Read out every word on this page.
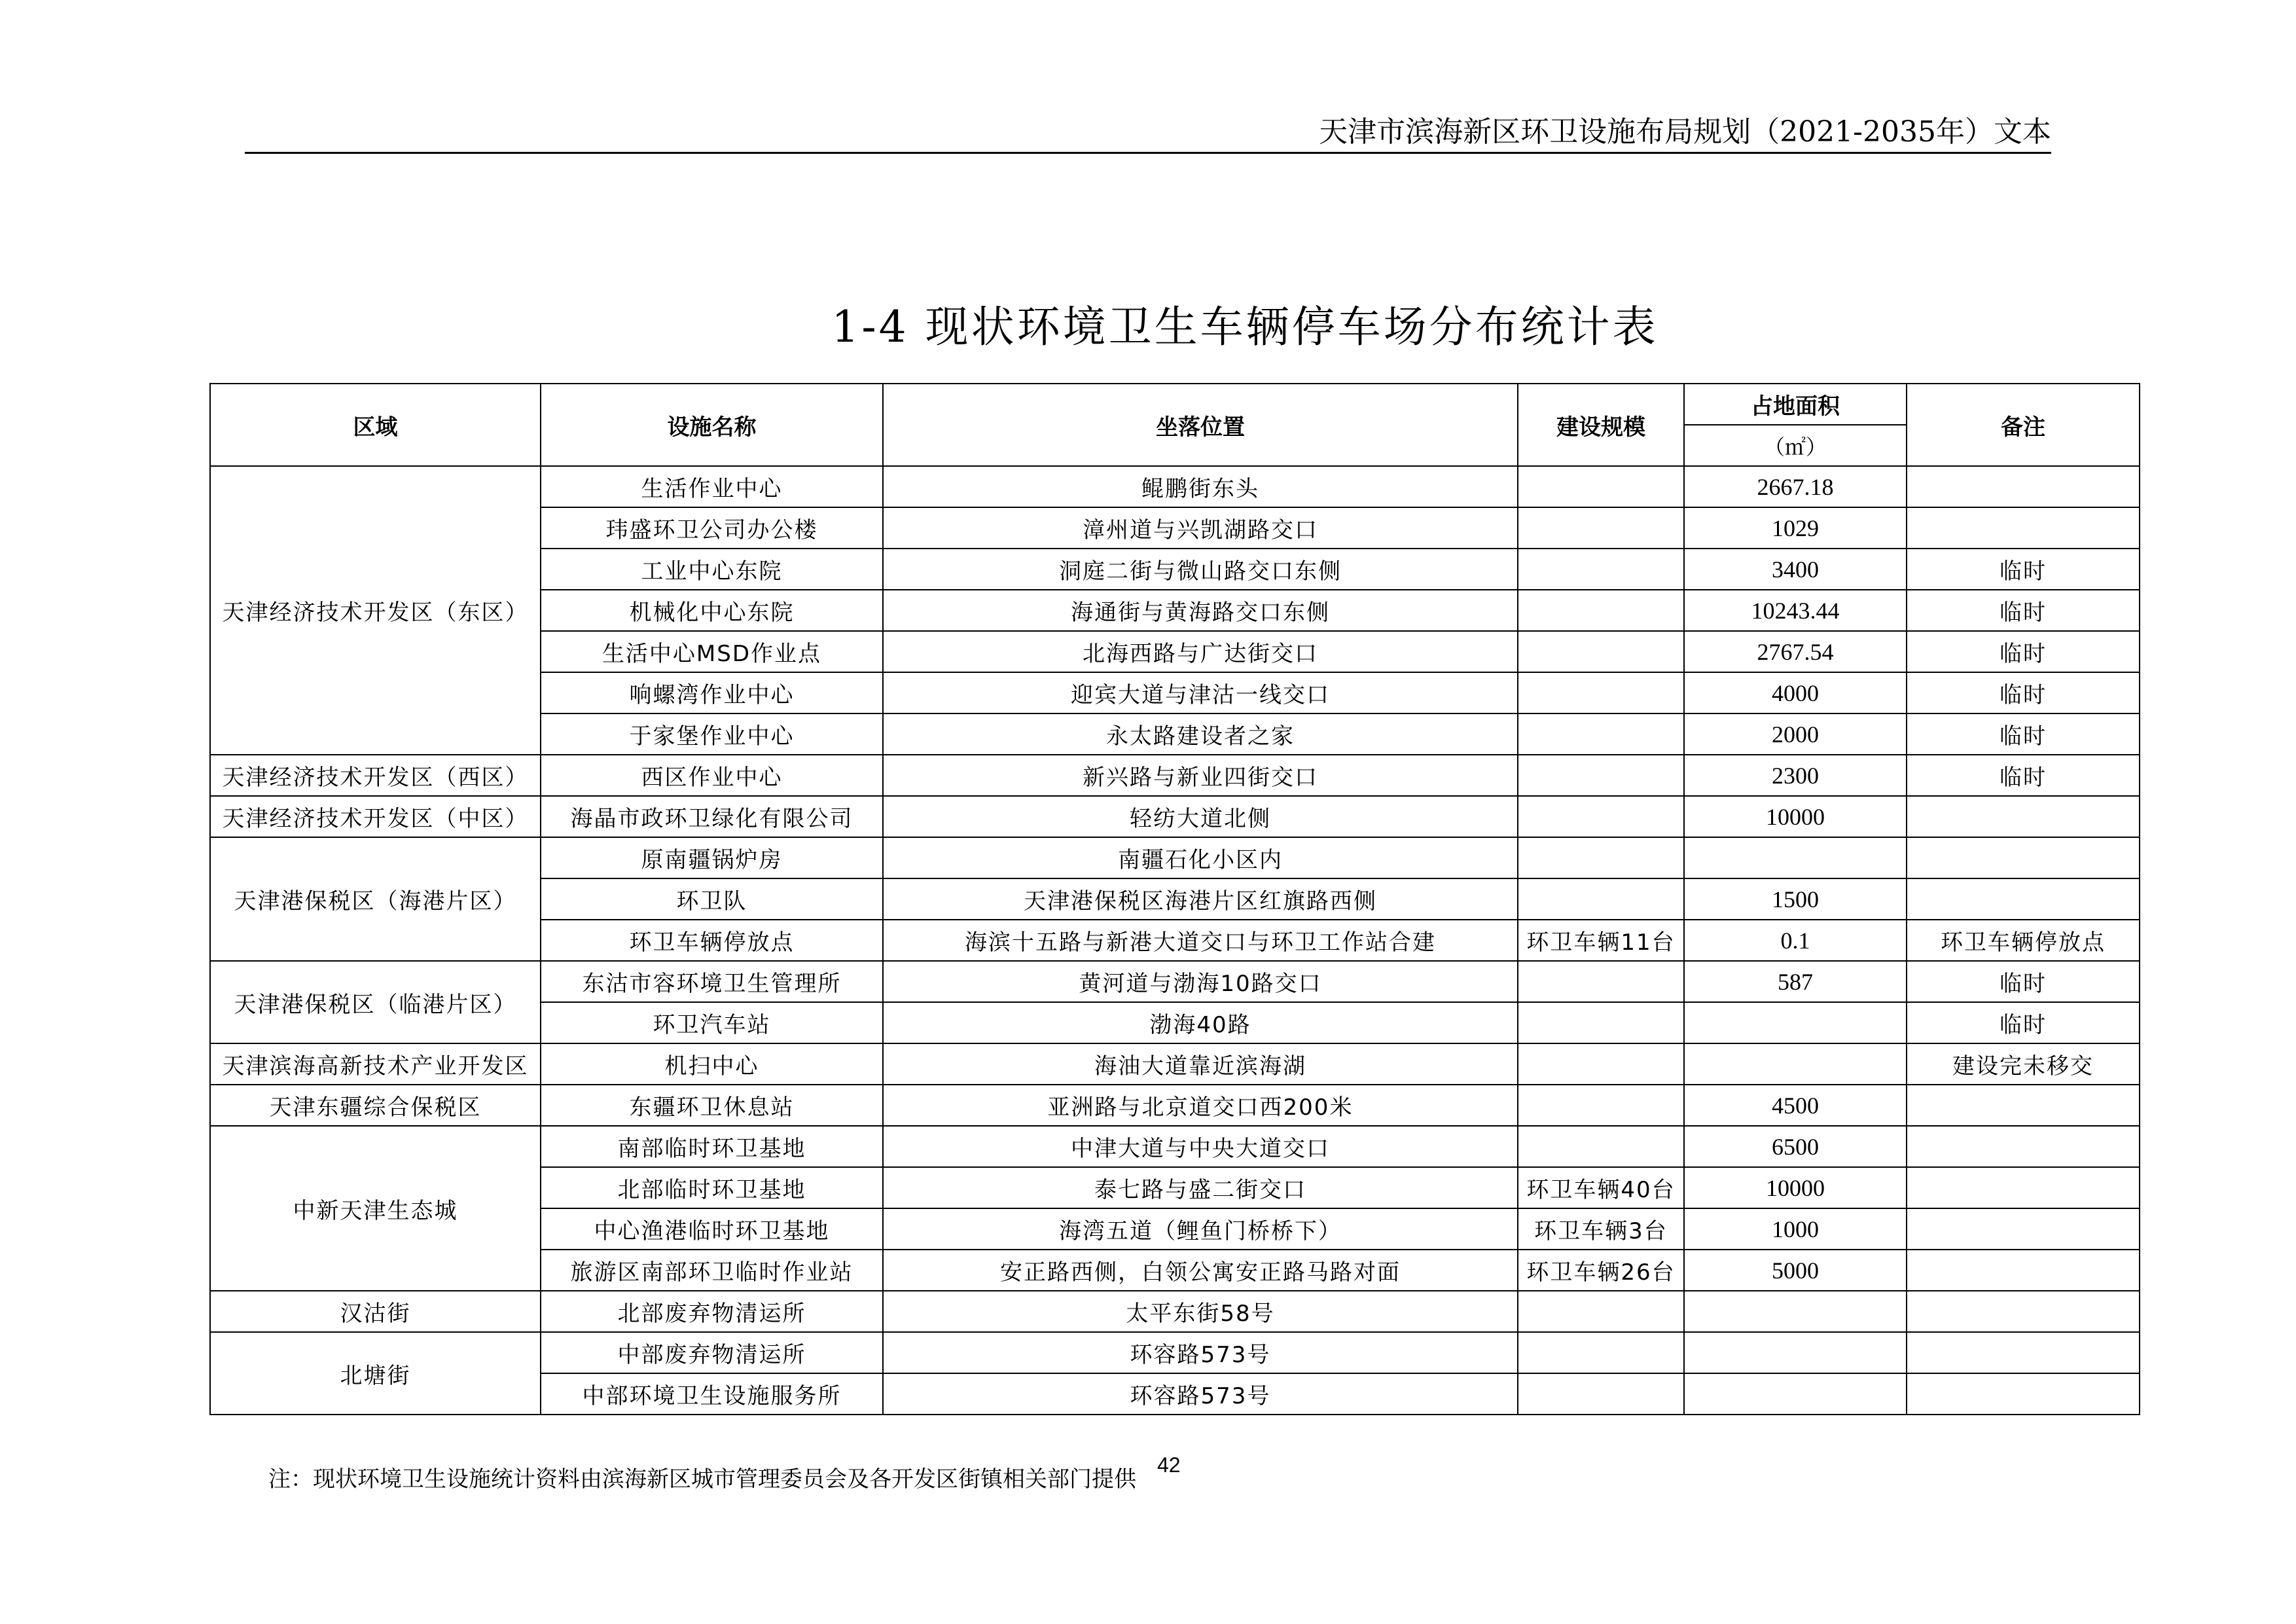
天津市滨海新区环卫设施布局规划（2021-2035年）文本
1-4 现状环境卫生车辆停车场分布统计表
区域	设施名称	坐落位置	建设规模	占地面积	备注
				（㎡）	
天津经济技术开发区（东区）	生活作业中心	鲲鹏街东头		2667.18	
	玮盛环卫公司办公楼	漳州道与兴凯湖路交口		1029	
	工业中心东院	洞庭二街与微山路交口东侧		3400	临时
	机械化中心东院	海通街与黄海路交口东侧		10243.44	临时
	生活中心MSD作业点	北海西路与广达街交口		2767.54	临时
	响螺湾作业中心	迎宾大道与津沽一线交口		4000	临时
	于家堡作业中心	永太路建设者之家		2000	临时
天津经济技术开发区（西区）	西区作业中心	新兴路与新业四街交口		2300	临时
天津经济技术开发区（中区）	海晶市政环卫绿化有限公司	轻纺大道北侧		10000	
天津港保税区（海港片区）	原南疆锅炉房	南疆石化小区内			
	环卫队	天津港保税区海港片区红旗路西侧		1500	
	环卫车辆停放点	海滨十五路与新港大道交口与环卫工作站合建	环卫车辆11台	0.1	环卫车辆停放点
天津港保税区（临港片区）	东沽市容环境卫生管理所	黄河道与渤海10路交口		587	临时
	环卫汽车站	渤海40路			临时
天津滨海高新技术产业开发区	机扫中心	海油大道靠近滨海湖			建设完未移交
天津东疆综合保税区	东疆环卫休息站	亚洲路与北京道交口西200米		4500	
中新天津生态城	南部临时环卫基地	中津大道与中央大道交口		6500	
	北部临时环卫基地	泰七路与盛二街交口	环卫车辆40台	10000	
	中心渔港临时环卫基地	海湾五道（鲤鱼门桥桥下）	环卫车辆3台	1000	
	旅游区南部环卫临时作业站	安正路西侧，白领公寓安正路马路对面	环卫车辆26台	5000	
汉沽街	北部废弃物清运所	太平东街58号			
北塘街	中部废弃物清运所	环容路573号			
	中部环境卫生设施服务所	环容路573号			
注：现状环境卫生设施统计资料由滨海新区城市管理委员会及各开发区街镇相关部门提供
42
